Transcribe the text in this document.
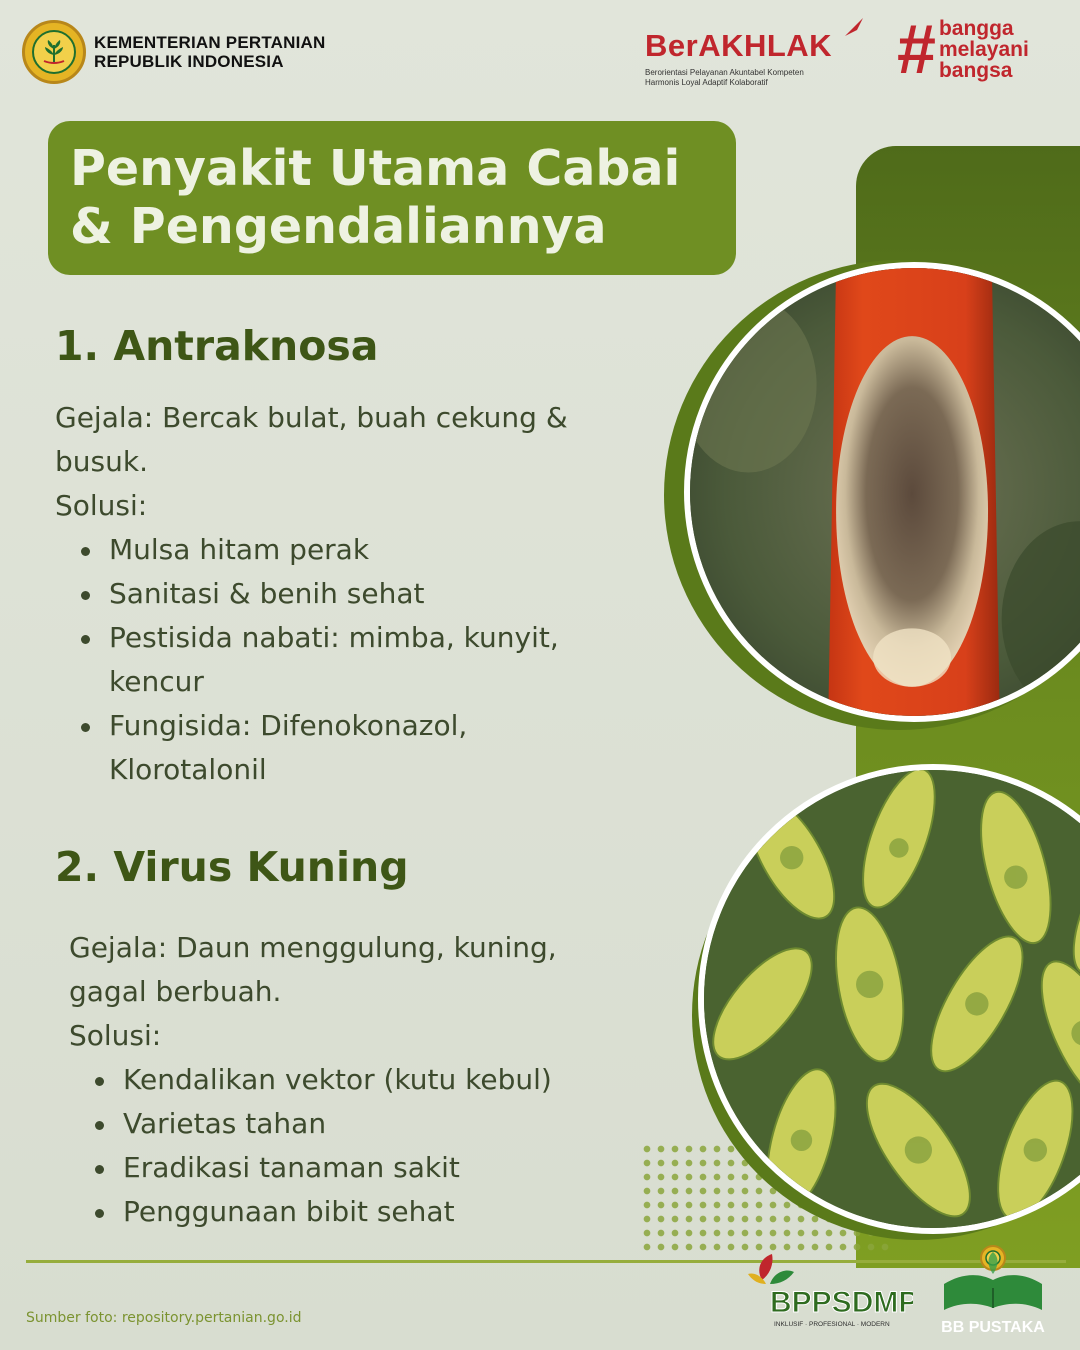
KEMENTERIAN PERTANIAN
REPUBLIK INDONESIA	BerAKHLAK
Berorientasi Pelayanan Akuntabel Kompeten
Harmonis Loyal Adaptif Kolaboratif	# bangga
melayani
bangsa
Penyakit Utama Cabai
& Pengendaliannya
1. Antraknosa

Gejala: Bercak bulat, buah cekung &

busuk.

Solusi:

Mulsa hitam perak
Sanitasi & benih sehat
Pestisida nabati: mimba, kunyit,
kencur
Fungisida: Difenokonazol,
Klorotalonil
2. Virus Kuning

Gejala: Daun menggulung, kuning,

gagal berbuah.

Solusi:

Kendalikan vektor (kutu kebul)
Varietas tahan
Eradikasi tanaman sakit
Penggunaan bibit sehat
Sumber foto: repository.pertanian.go.id	BPPSDMP
INKLUSIF · PROFESIONAL · MODERN	BB PUSTAKA
